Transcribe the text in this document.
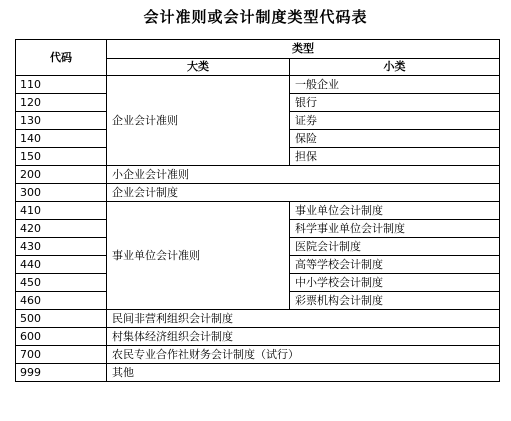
会计准则或会计制度类型代码表
代码	类型	
	大类	小类
110	企业会计准则	一般企业
120		银行
130		证券
140		保险
150		担保
200	小企业会计准则	
300	企业会计制度	
410	事业单位会计准则	事业单位会计制度
420		科学事业单位会计制度
430		医院会计制度
440		高等学校会计制度
450		中小学校会计制度
460		彩票机构会计制度
500	民间非营利组织会计制度	
600	村集体经济组织会计制度	
700	农民专业合作社财务会计制度（试行）	
999	其他	
